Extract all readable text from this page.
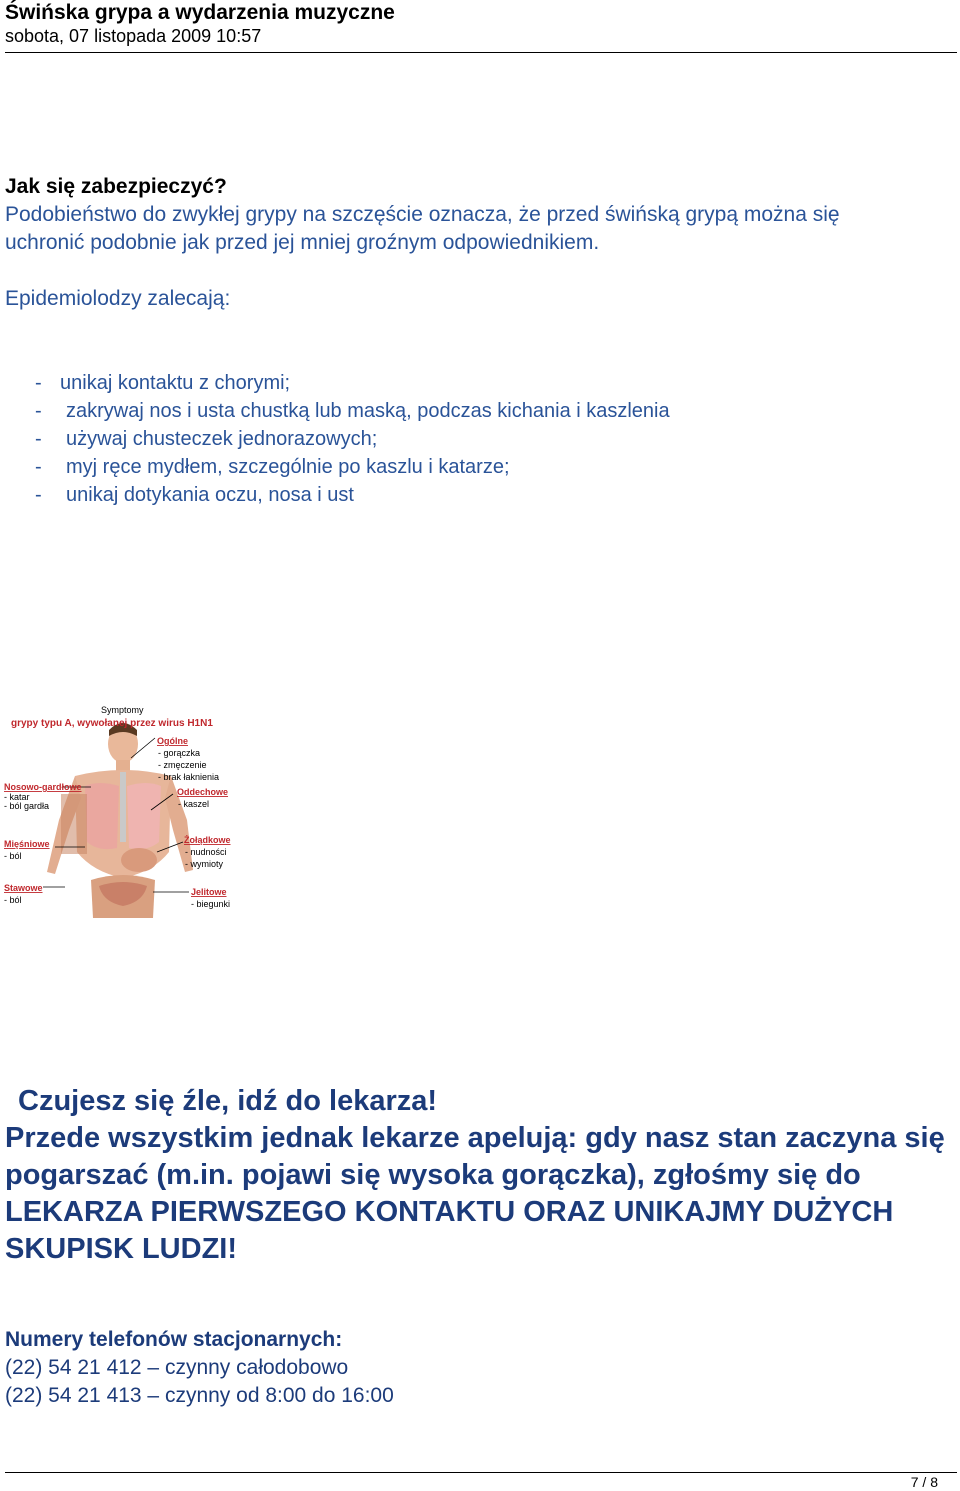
Świńska grypa a wydarzenia muzyczne
sobota, 07 listopada 2009 10:57
Jak się zabezpieczyć?
Podobieństwo do zwykłej grypy na szczęście oznacza, że przed świńską grypą można się
uchronić podobnie jak przed jej mniej groźnym odpowiednikiem.
Epidemiolodzy zalecają:
- unikaj kontaktu z chorymi;
- zakrywaj nos i usta chustką lub maską, podczas kichania i kaszlenia
- używaj chusteczek jednorazowych;
- myj ręce mydłem, szczególnie po kaszlu i katarze;
- unikaj dotykania oczu, nosa i ust
Symptomy
grypy typu A, wywołanej przez wirus H1N1
Ogólne
- gorączka
- zmęczenie
- brak łaknienia
Nosowo-gardłowe
- katar
- ból gardła
Oddechowe
- kaszel
Mięśniowe
- ból
Żołądkowe
- nudności
- wymioty
Stawowe
- ból
Jelitowe
- biegunki
Czujesz się źle, idź do lekarza!
Przede wszystkim jednak lekarze apelują: gdy nasz stan zaczyna się pogarszać (m.in. pojawi się wysoka gorączka), zgłośmy się do LEKARZA PIERWSZEGO KONTAKTU ORAZ UNIKAJMY DUŻYCH SKUPISK LUDZI!
Numery telefonów stacjonarnych:
(22) 54 21 412 – czynny całodobowo
(22) 54 21 413 – czynny od 8:00 do 16:00
7 / 8
